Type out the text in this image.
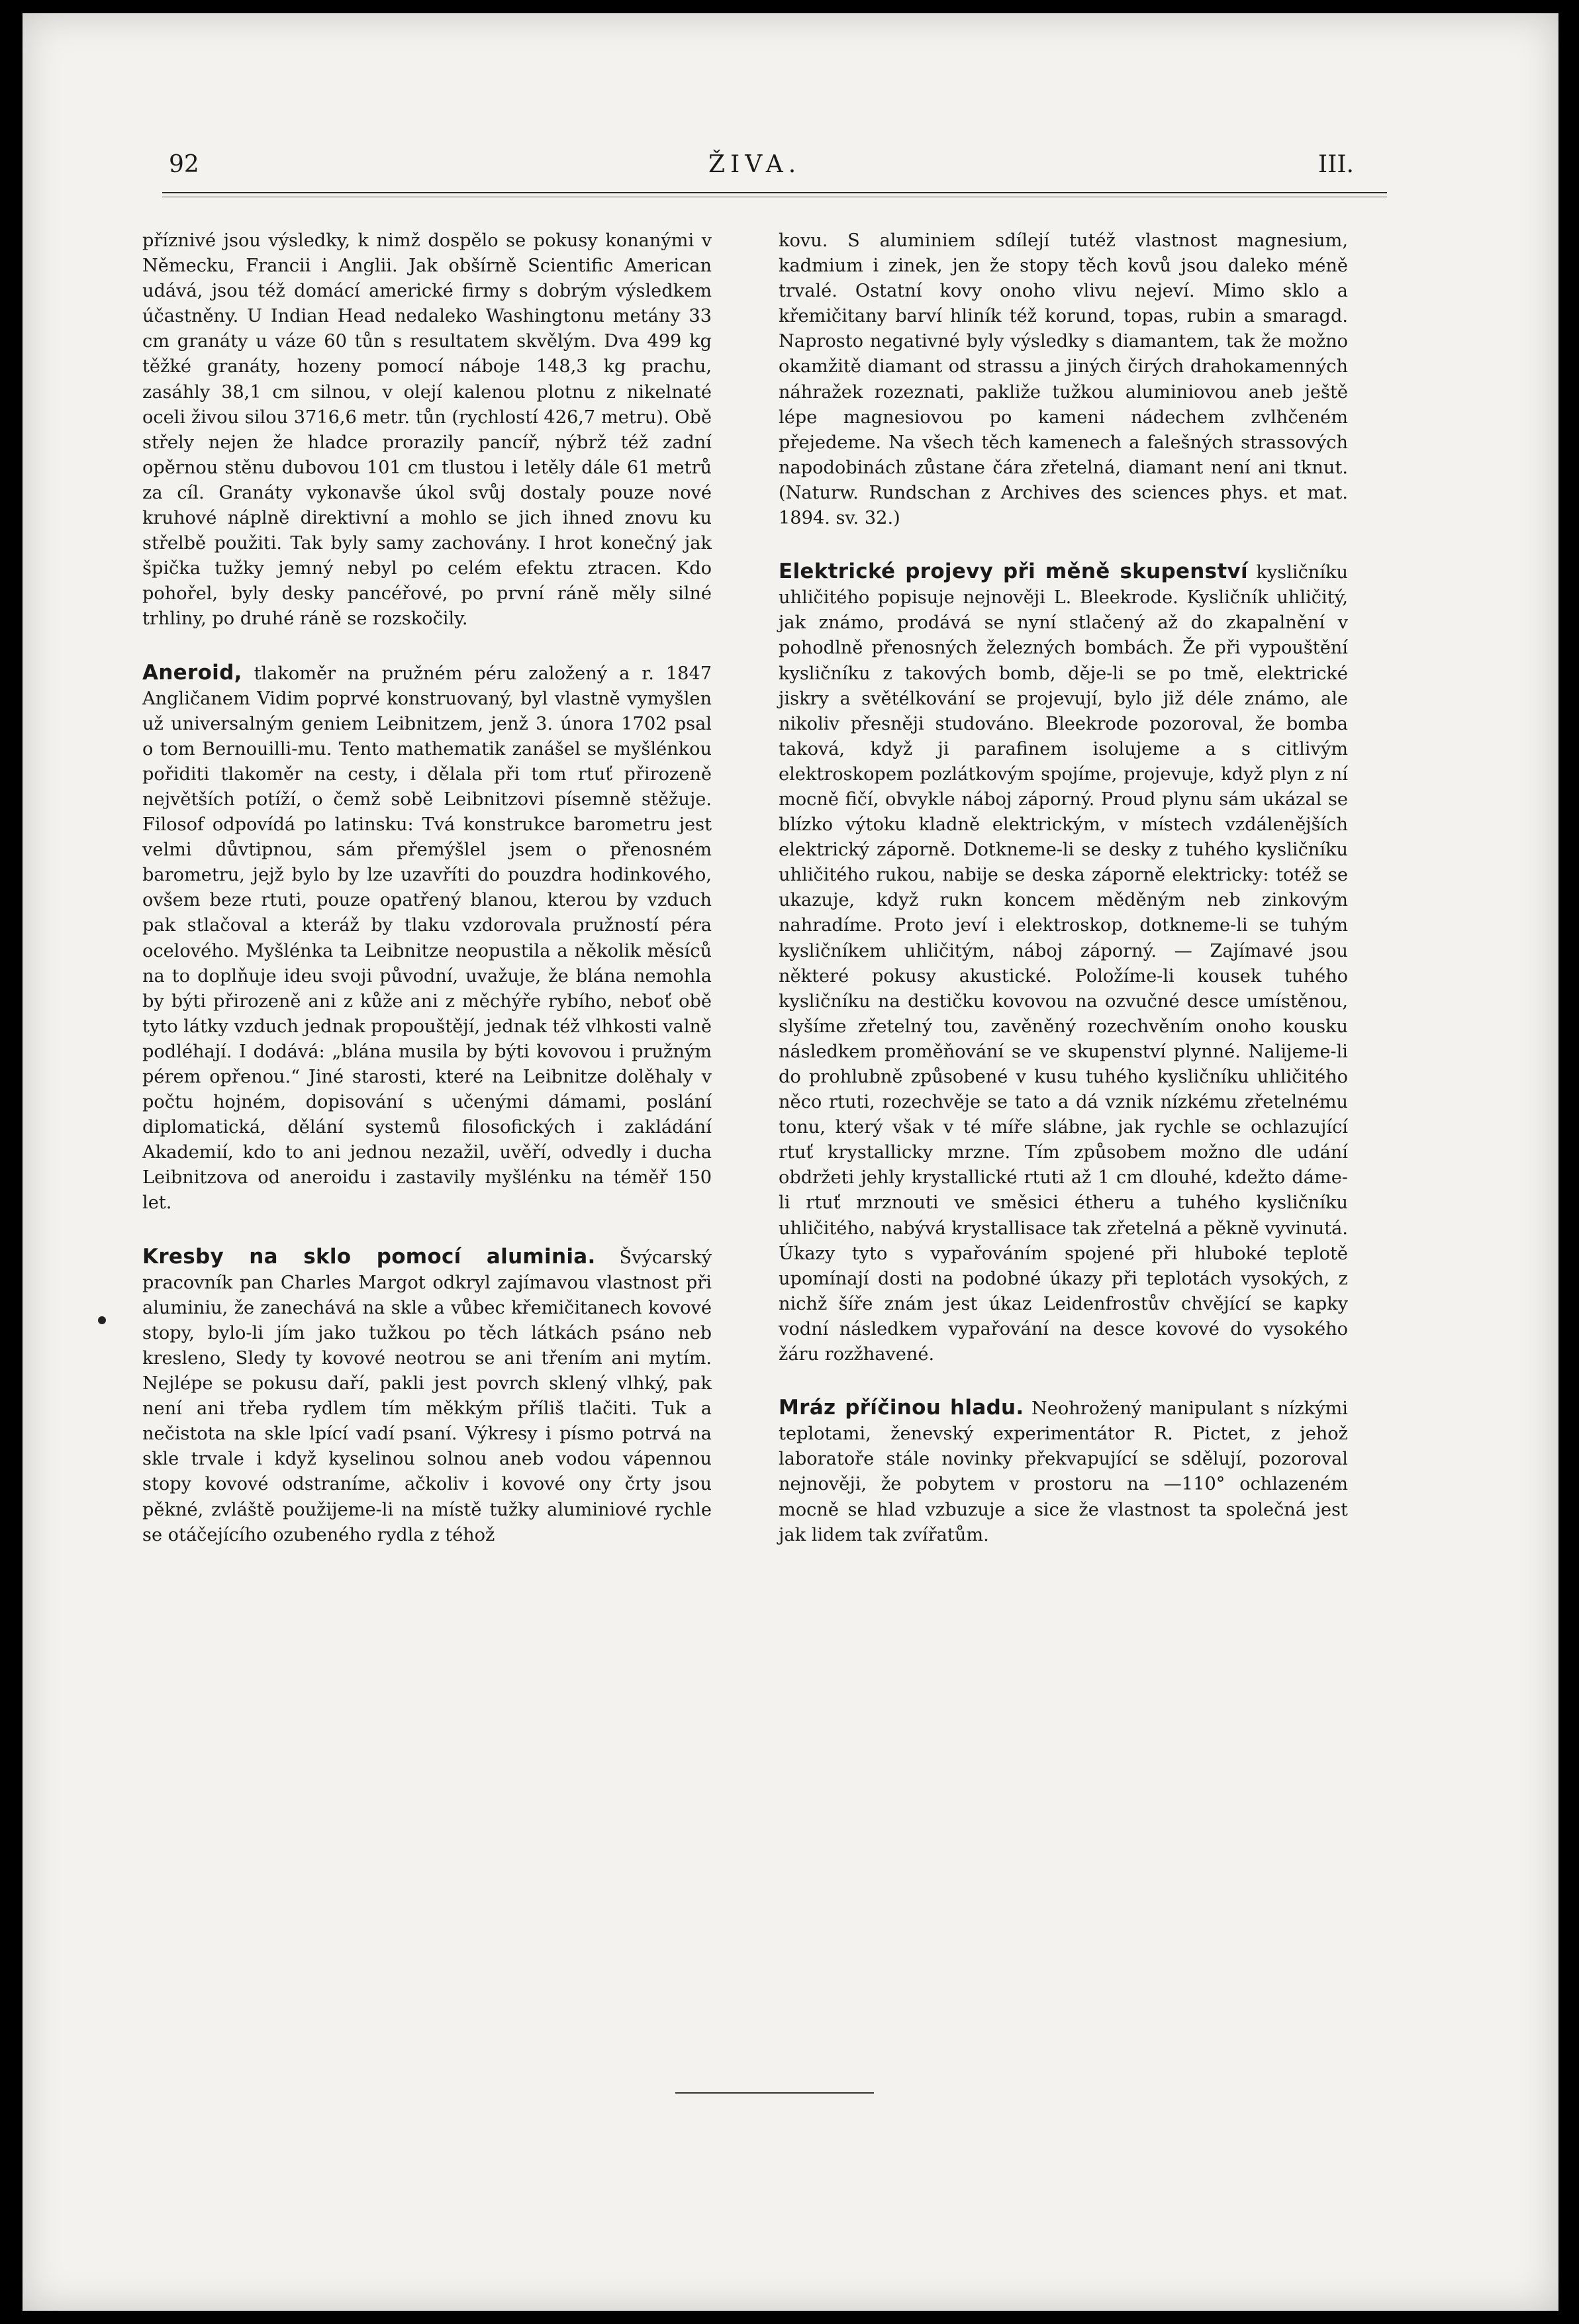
92	ŽIVA.	III.

příznivé jsou výsledky, k nimž dospělo se pokusy konanými v Německu, Francii i Anglii. Jak obšírně Scientific American udává, jsou též domácí americké firmy s dobrým výsledkem účastněny. U Indian Head nedaleko Washingtonu metány 33 cm granáty u váze 60 tůn s resultatem skvělým. Dva 499 kg těžké granáty, hozeny pomocí náboje 148,3 kg prachu, zasáhly 38,1 cm silnou, v olejí kalenou plotnu z nikelnaté oceli živou silou 3716,6 metr. tůn (rychlostí 426,7 metru). Obě střely nejen že hladce prorazily pancíř, nýbrž též zadní opěrnou stěnu dubovou 101 cm tlustou i letěly dále 61 metrů za cíl. Granáty vykonavše úkol svůj dostaly pouze nové kruhové náplně direktivní a mohlo se jich ihned znovu ku střelbě použiti. Tak byly samy zachovány. I hrot konečný jak špička tužky jemný nebyl po celém efektu ztracen. Kdo pohořel, byly desky pancéřové, po první ráně měly silné trhliny, po druhé ráně se rozskočily.

Aneroid, tlakoměr na pružném péru založený a r. 1847 Angličanem Vidim poprvé konstruovaný, byl vlastně vymyšlen už universalným geniem Leibnitzem, jenž 3. února 1702 psal o tom Bernouilli-mu. Tento mathematik zanášel se myšlénkou pořiditi tlakoměr na cesty, i dělala při tom rtuť přirozeně největších potíží, o čemž sobě Leibnitzovi písemně stěžuje. Filosof odpovídá po latinsku: Tvá konstrukce barometru jest velmi důvtipnou, sám přemýšlel jsem o přenosném barometru, jejž bylo by lze uzavříti do pouzdra hodinkového, ovšem beze rtuti, pouze opatřený blanou, kterou by vzduch pak stlačoval a kteráž by tlaku vzdorovala pružností péra ocelového. Myšlénka ta Leibnitze neopustila a několik měsíců na to doplňuje ideu svoji původní, uvažuje, že blána nemohla by býti přirozeně ani z kůže ani z měchýře rybího, neboť obě tyto látky vzduch jednak propouštějí, jednak též vlhkosti valně podléhají. I dodává: „blána musila by býti kovovou i pružným pérem opřenou.“ Jiné starosti, které na Leibnitze dolěhaly v počtu hojném, dopisování s učenými dámami, poslání diplomatická, dělání systemů filosofických i zakládání Akademií, kdo to ani jednou nezažil, uvěří, odvedly i ducha Leibnitzova od aneroidu i zastavily myšlénku na téměř 150 let.

Kresby na sklo pomocí aluminia. Švýcarský pracovník pan Charles Margot odkryl zajímavou vlastnost při aluminiu, že zanechává na skle a vůbec křemičitanech kovové stopy, bylo-li jím jako tužkou po těch látkách psáno neb kresleno, Sledy ty kovové neotrou se ani třením ani mytím. Nejlépe se pokusu daří, pakli jest povrch sklený vlhký, pak není ani třeba rydlem tím měkkým příliš tlačiti. Tuk a nečistota na skle lpící vadí psaní. Výkresy i písmo potrvá na skle trvale i když kyselinou solnou aneb vodou vápennou stopy kovové odstraníme, ačkoliv i kovové ony črty jsou pěkné, zvláště použijeme-li na místě tužky aluminiové rychle se otáčejícího ozubeného rydla z téhož

kovu. S aluminiem sdílejí tutéž vlastnost magnesium, kadmium i zinek, jen že stopy těch kovů jsou daleko méně trvalé. Ostatní kovy onoho vlivu nejeví. Mimo sklo a křemičitany barví hliník též korund, topas, rubin a smaragd. Naprosto negativné byly výsledky s diamantem, tak že možno okamžitě diamant od strassu a jiných čirých drahokamenných náhražek rozeznati, pakliže tužkou aluminiovou aneb ještě lépe magnesiovou po kameni nádechem zvlhčeném přejedeme. Na všech těch kamenech a falešných strassových napodobinách zůstane čára zřetelná, diamant není ani tknut. (Naturw. Rundschan z Archives des sciences phys. et mat. 1894. sv. 32.)

Elektrické projevy při měně skupenství kysličníku uhličitého popisuje nejnověji L. Bleekrode. Kysličník uhličitý, jak známo, prodává se nyní stlačený až do zkapalnění v pohodlně přenosných železných bombách. Že při vypouštění kysličníku z takových bomb, děje-li se po tmě, elektrické jiskry a světélkování se projevují, bylo již déle známo, ale nikoliv přesněji studováno. Bleekrode pozoroval, že bomba taková, když ji parafinem isolujeme a s citlivým elektroskopem pozlátkovým spojíme, projevuje, když plyn z ní mocně fičí, obvykle náboj záporný. Proud plynu sám ukázal se blízko výtoku kladně elektrickým, v místech vzdálenějších elektrický záporně. Dotkneme-li se desky z tuhého kysličníku uhličitého rukou, nabije se deska záporně elektricky: totéž se ukazuje, když rukn koncem měděným neb zinkovým nahradíme. Proto jeví i elektroskop, dotkneme-li se tuhým kysličníkem uhličitým, náboj záporný. — Zajímavé jsou některé pokusy akustické. Položíme-li kousek tuhého kysličníku na destičku kovovou na ozvučné desce umístěnou, slyšíme zřetelný tou, zavěněný rozechvěním onoho kousku následkem proměňování se ve skupenství plynné. Nalijeme-li do prohlubně způsobené v kusu tuhého kysličníku uhličitého něco rtuti, rozechvěje se tato a dá vznik nízkému zřetelnému tonu, který však v té míře slábne, jak rychle se ochlazující rtuť krystallicky mrzne. Tím způsobem možno dle udání obdržeti jehly krystallické rtuti až 1 cm dlouhé, kdežto dáme-li rtuť mrznouti ve směsici étheru a tuhého kysličníku uhličitého, nabývá krystallisace tak zřetelná a pěkně vyvinutá. Úkazy tyto s vypařováním spojené při hluboké teplotě upomínají dosti na podobné úkazy při teplotách vysokých, z nichž šíře znám jest úkaz Leidenfrostův chvějící se kapky vodní následkem vypařování na desce kovové do vysokého žáru rozžhavené.

Mráz příčinou hladu. Neohrožený manipulant s nízkými teplotami, ženevský experimentátor R. Pictet, z jehož laboratoře stále novinky překvapující se sdělují, pozoroval nejnověji, že pobytem v prostoru na —110° ochlazeném mocně se hlad vzbuzuje a sice že vlastnost ta společná jest jak lidem tak zvířatům.
